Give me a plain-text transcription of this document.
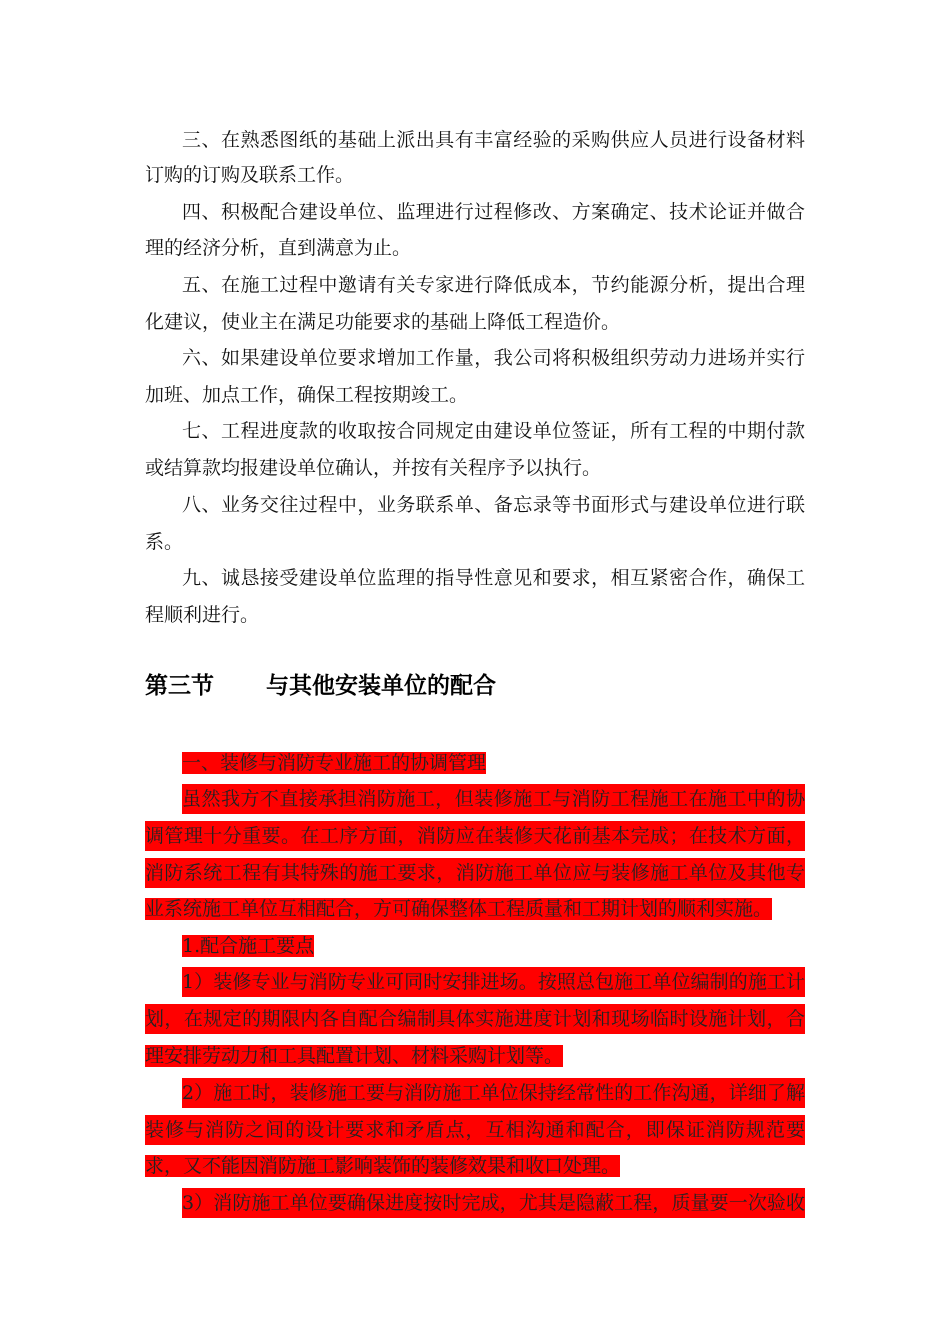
三、在熟悉图纸的基础上派出具有丰富经验的采购供应人员进行设备材料
订购的订购及联系工作。
四、积极配合建设单位、监理进行过程修改、方案确定、技术论证并做合
理的经济分析，直到满意为止。
五、在施工过程中邀请有关专家进行降低成本，节约能源分析，提出合理
化建议，使业主在满足功能要求的基础上降低工程造价。
六、如果建设单位要求增加工作量，我公司将积极组织劳动力进场并实行
加班、加点工作，确保工程按期竣工。
七、工程进度款的收取按合同规定由建设单位签证，所有工程的中期付款
或结算款均报建设单位确认，并按有关程序予以执行。
八、业务交往过程中，业务联系单、备忘录等书面形式与建设单位进行联
系。
九、诚恳接受建设单位监理的指导性意见和要求，相互紧密合作，确保工
程顺利进行。
第三节 与其他安装单位的配合
一、装修与消防专业施工的协调管理
虽然我方不直接承担消防施工，但装修施工与消防工程施工在施工中的协
调管理十分重要。在工序方面，消防应在装修天花前基本完成；在技术方面，
消防系统工程有其特殊的施工要求，消防施工单位应与装修施工单位及其他专
业系统施工单位互相配合，方可确保整体工程质量和工期计划的顺利实施。
1.配合施工要点
1）装修专业与消防专业可同时安排进场。按照总包施工单位编制的施工计
划，在规定的期限内各自配合编制具体实施进度计划和现场临时设施计划，合
理安排劳动力和工具配置计划、材料采购计划等。
2）施工时，装修施工要与消防施工单位保持经常性的工作沟通，详细了解
装修与消防之间的设计要求和矛盾点，互相沟通和配合，即保证消防规范要
求，又不能因消防施工影响装饰的装修效果和收口处理。
3）消防施工单位要确保进度按时完成，尤其是隐蔽工程，质量要一次验收
